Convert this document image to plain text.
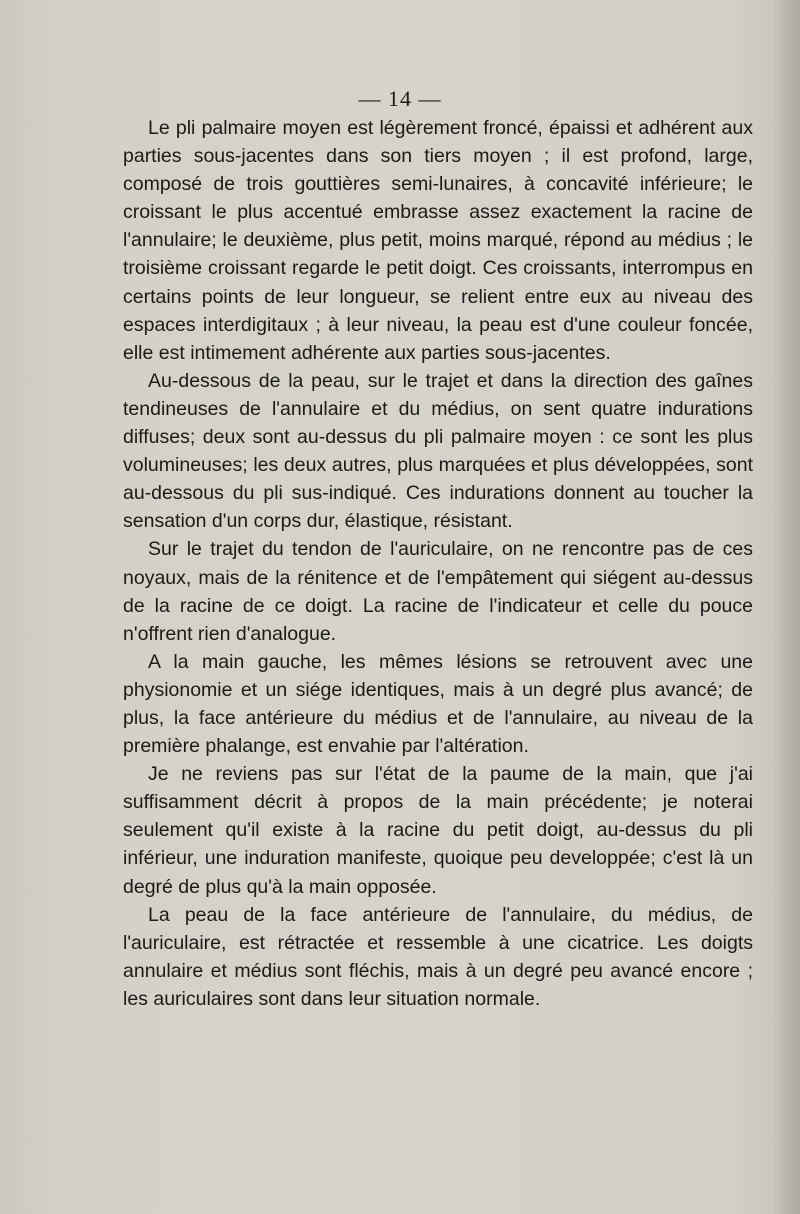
— 14 —

Le pli palmaire moyen est légèrement froncé, épaissi et adhérent aux parties sous-jacentes dans son tiers moyen ; il est profond, large, composé de trois gouttières semi-lunaires, à concavité inférieure; le croissant le plus accentué embrasse assez exactement la racine de l'annulaire; le deuxième, plus petit, moins marqué, répond au médius ; le troisième croissant regarde le petit doigt. Ces croissants, interrompus en certains points de leur longueur, se relient entre eux au niveau des espaces interdigitaux ; à leur niveau, la peau est d'une couleur foncée, elle est intimement adhérente aux parties sous-jacentes.

Au-dessous de la peau, sur le trajet et dans la direction des gaînes tendineuses de l'annulaire et du médius, on sent quatre indurations diffuses; deux sont au-dessus du pli palmaire moyen : ce sont les plus volumineuses; les deux autres, plus marquées et plus développées, sont au-dessous du pli sus-indiqué. Ces indurations donnent au toucher la sensation d'un corps dur, élastique, résistant.

Sur le trajet du tendon de l'auriculaire, on ne rencontre pas de ces noyaux, mais de la rénitence et de l'empâtement qui siégent au-dessus de la racine de ce doigt. La racine de l'indicateur et celle du pouce n'offrent rien d'analogue.

A la main gauche, les mêmes lésions se retrouvent avec une physionomie et un siége identiques, mais à un degré plus avancé; de plus, la face antérieure du médius et de l'annulaire, au niveau de la première phalange, est envahie par l'altération.

Je ne reviens pas sur l'état de la paume de la main, que j'ai suffisamment décrit à propos de la main précédente; je noterai seulement qu'il existe à la racine du petit doigt, au-dessus du pli inférieur, une induration manifeste, quoique peu developpée; c'est là un degré de plus qu'à la main opposée.

La peau de la face antérieure de l'annulaire, du médius, de l'auriculaire, est rétractée et ressemble à une cicatrice. Les doigts annulaire et médius sont fléchis, mais à un degré peu avancé encore ; les auriculaires sont dans leur situation normale.
